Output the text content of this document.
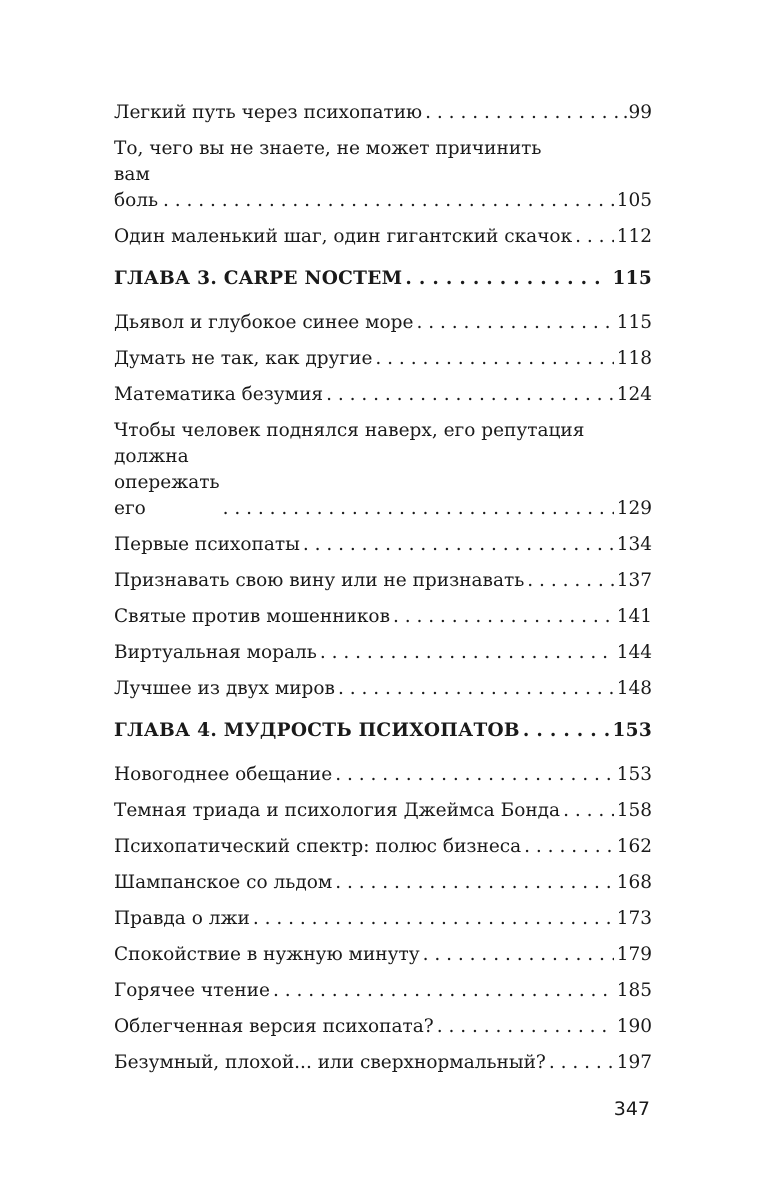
Легкий путь через психопатию . . .	.99
То, чего вы не знаете, не может причинить
вам боль . . .	105
Один маленький шаг, один гигантский скачок . . . 112
ГЛАВА 3. CARPE NOCTEM . . .	115
Дьявол и глубокое синее море . . .	115
Думать не так, как другие . . .	118
Математика безумия . . .	124
Чтобы человек поднялся наверх, его репутация
должна опережать его . . .	129
Первые психопаты . . .	134
Признавать свою вину или не признавать . . .	137
Святые против мошенников . . .	141
Виртуальная мораль . . .	144
Лучшее из двух миров . . .	148
ГЛАВА 4. МУДРОСТЬ ПСИХОПАТОВ . . .	153
Новогоднее обещание . . .	153
Темная триада и психология Джеймса Бонда . . .	158
Психопатический спектр: полюс бизнеса . . .	162
Шампанское со льдом . . .	168
Правда о лжи . . .	173
Спокойствие в нужную минуту . . .	179
Горячее чтение . . .	185
Облегченная версия психопата? . . .	190
Безумный, плохой... или сверхнормальный? . . .	197
347
